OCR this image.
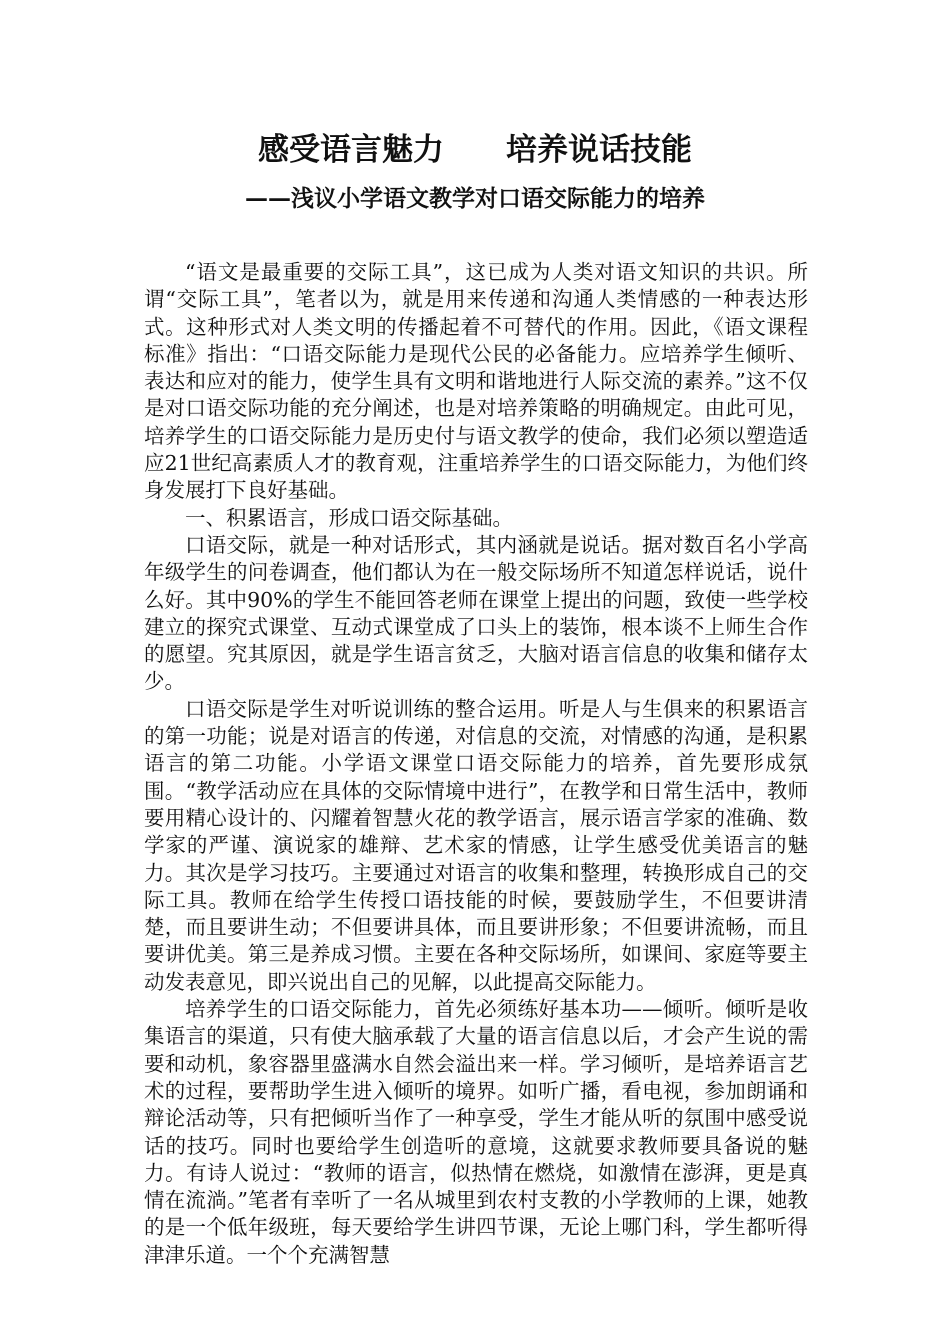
感受语言魅力　　培养说话技能
——浅议小学语文教学对口语交际能力的培养

“语文是最重要的交际工具”，这已成为人类对语文知识的共识。所谓“交际工具”，笔者以为，就是用来传递和沟通人类情感的一种表达形式。这种形式对人类文明的传播起着不可替代的作用。因此，《语文课程标准》指出：“口语交际能力是现代公民的必备能力。应培养学生倾听、表达和应对的能力，使学生具有文明和谐地进行人际交流的素养。”这不仅是对口语交际功能的充分阐述，也是对培养策略的明确规定。由此可见，培养学生的口语交际能力是历史付与语文教学的使命，我们必须以塑造适应21世纪高素质人才的教育观，注重培养学生的口语交际能力，为他们终身发展打下良好基础。

一、积累语言，形成口语交际基础。

口语交际，就是一种对话形式，其内涵就是说话。据对数百名小学高年级学生的问卷调查，他们都认为在一般交际场所不知道怎样说话，说什么好。其中90%的学生不能回答老师在课堂上提出的问题，致使一些学校建立的探究式课堂、互动式课堂成了口头上的装饰，根本谈不上师生合作的愿望。究其原因，就是学生语言贫乏，大脑对语言信息的收集和储存太少。

口语交际是学生对听说训练的整合运用。听是人与生俱来的积累语言的第一功能；说是对语言的传递，对信息的交流，对情感的沟通，是积累语言的第二功能。小学语文课堂口语交际能力的培养，首先要形成氛围。“教学活动应在具体的交际情境中进行”，在教学和日常生活中，教师要用精心设计的、闪耀着智慧火花的教学语言，展示语言学家的准确、数学家的严谨、演说家的雄辩、艺术家的情感，让学生感受优美语言的魅力。其次是学习技巧。主要通过对语言的收集和整理，转换形成自己的交际工具。教师在给学生传授口语技能的时候，要鼓励学生，不但要讲清楚，而且要讲生动；不但要讲具体，而且要讲形象；不但要讲流畅，而且要讲优美。第三是养成习惯。主要在各种交际场所，如课间、家庭等要主动发表意见，即兴说出自己的见解，以此提高交际能力。

培养学生的口语交际能力，首先必须练好基本功——倾听。倾听是收集语言的渠道，只有使大脑承载了大量的语言信息以后，才会产生说的需要和动机，象容器里盛满水自然会溢出来一样。学习倾听，是培养语言艺术的过程，要帮助学生进入倾听的境界。如听广播，看电视，参加朗诵和辩论活动等，只有把倾听当作了一种享受，学生才能从听的氛围中感受说话的技巧。同时也要给学生创造听的意境，这就要求教师要具备说的魅力。有诗人说过：“教师的语言，似热情在燃烧，如激情在澎湃，更是真情在流淌。”笔者有幸听了一名从城里到农村支教的小学教师的上课，她教的是一个低年级班，每天要给学生讲四节课，无论上哪门科，学生都听得津津乐道。一个个充满智慧
